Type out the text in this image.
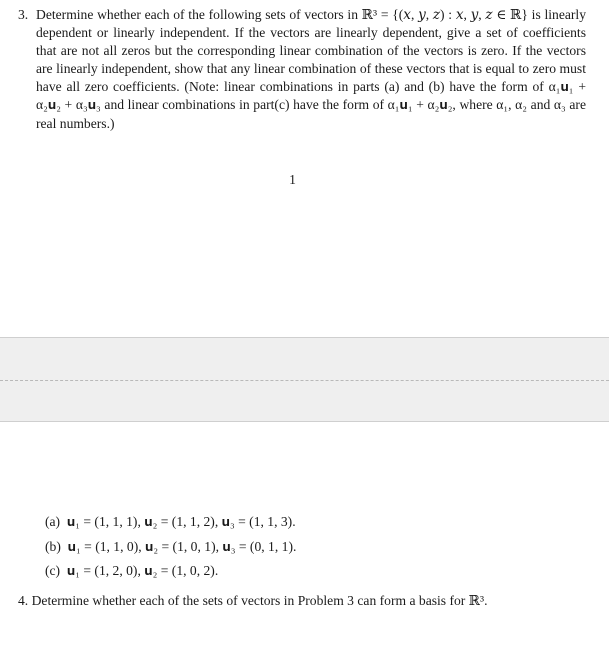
3. Determine whether each of the following sets of vectors in ℝ³ = {(𝑥, 𝑦, 𝑧) : 𝑥, 𝑦, 𝑧 ∈ ℝ} is linearly dependent or linearly independent. If the vectors are linearly dependent, give a set of coefficients that are not all zeros but the corresponding linear combination of the vectors is zero. If the vectors are linearly independent, show that any linear combination of these vectors that is equal to zero must have all zero coefficients. (Note: linear combinations in parts (a) and (b) have the form of α₁𝐮₁ + α₂𝐮₂ + α₃𝐮₃ and linear combinations in part(c) have the form of α₁𝐮₁ + α₂𝐮₂, where α₁, α₂ and α₃ are real numbers.)
1
(a) 𝐮₁ = (1, 1, 1), 𝐮₂ = (1, 1, 2), 𝐮₃ = (1, 1, 3).
(b) 𝐮₁ = (1, 1, 0), 𝐮₂ = (1, 0, 1), 𝐮₃ = (0, 1, 1).
(c) 𝐮₁ = (1, 2, 0), 𝐮₂ = (1, 0, 2).
4. Determine whether each of the sets of vectors in Problem 3 can form a basis for ℝ³.
